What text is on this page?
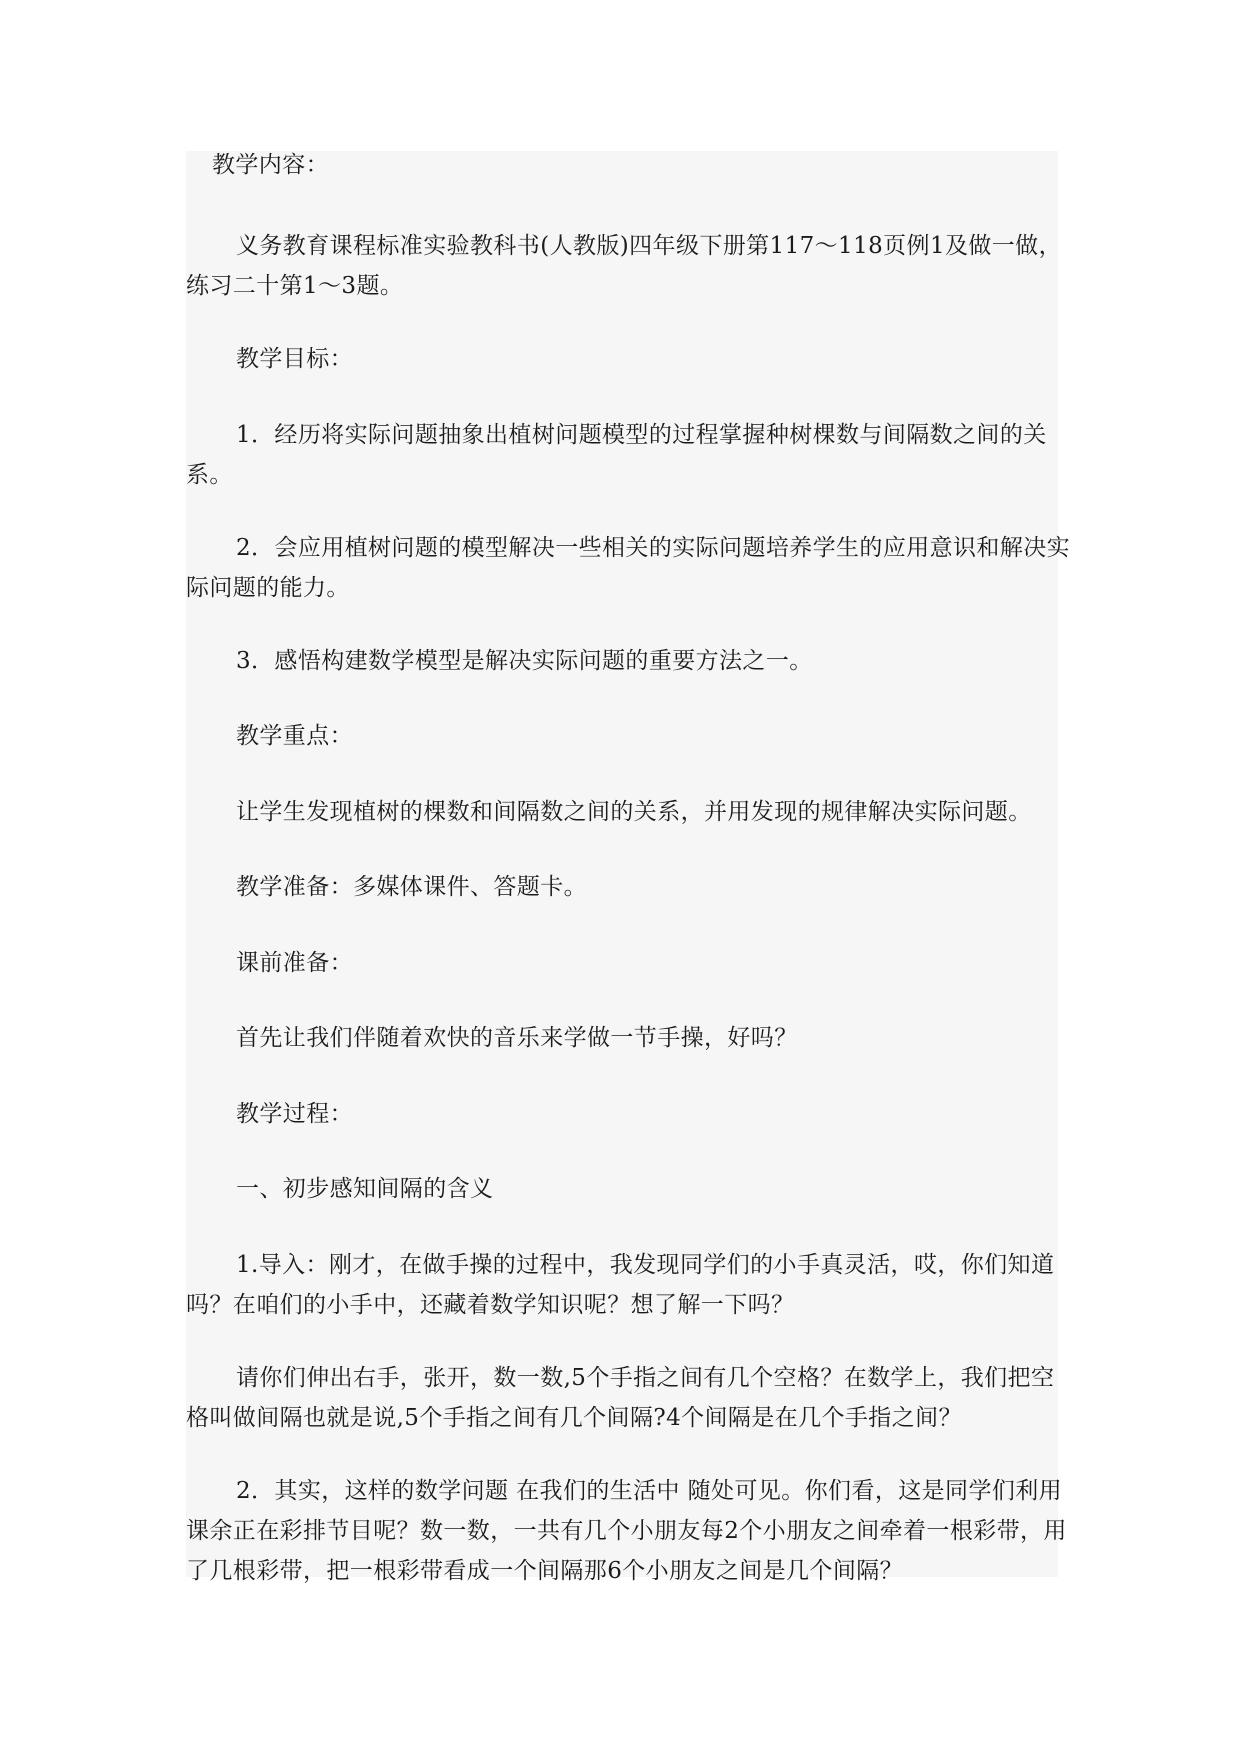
教学内容：

义务教育课程标准实验教科书(人教版)四年级下册第117～118页例1及做一做，练习二十第1～3题。

教学目标：

1．经历将实际问题抽象出植树问题模型的过程掌握种树棵数与间隔数之间的关系。

2．会应用植树问题的模型解决一些相关的实际问题培养学生的应用意识和解决实际问题的能力。

3．感悟构建数学模型是解决实际问题的重要方法之一。

教学重点：

让学生发现植树的棵数和间隔数之间的关系，并用发现的规律解决实际问题。

教学准备：多媒体课件、答题卡。

课前准备：

首先让我们伴随着欢快的音乐来学做一节手操，好吗？

教学过程：

一、初步感知间隔的含义

1.导入：刚才，在做手操的过程中，我发现同学们的小手真灵活，哎，你们知道吗？在咱们的小手中，还藏着数学知识呢？想了解一下吗？

请你们伸出右手，张开，数一数,5个手指之间有几个空格？在数学上，我们把空格叫做间隔也就是说,5个手指之间有几个间隔?4个间隔是在几个手指之间？

2．其实，这样的数学问题 在我们的生活中 随处可见。你们看，这是同学们利用课余正在彩排节目呢？数一数，一共有几个小朋友每2个小朋友之间牵着一根彩带，用了几根彩带，把一根彩带看成一个间隔那6个小朋友之间是几个间隔？
